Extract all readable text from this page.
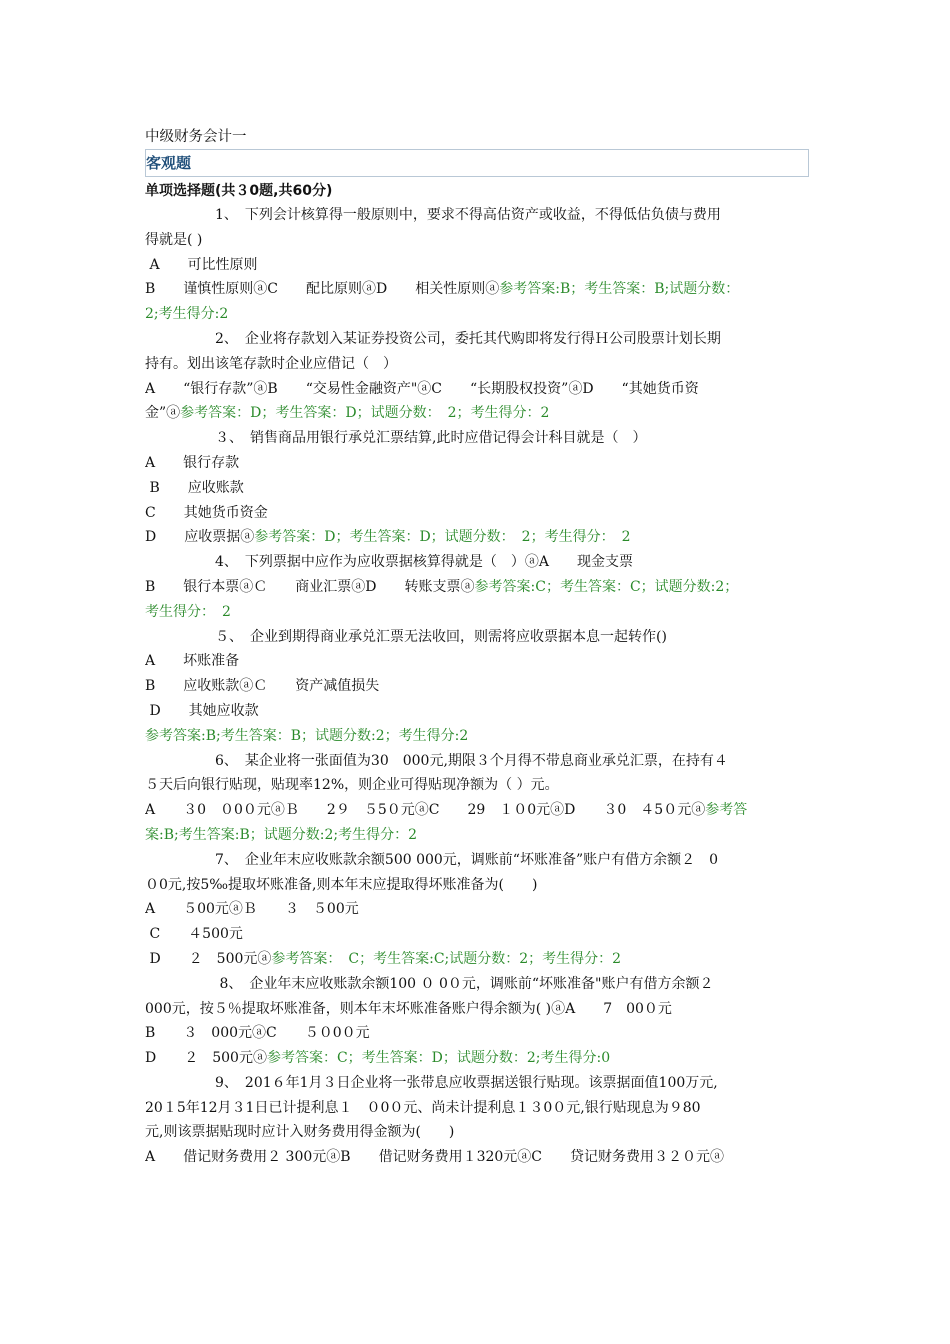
中级财务会计一
客观题
单项选择题(共３0题,共60分)
　　　　　1、　下列会计核算得一般原则中，要求不得高估资产或收益，不得低估负债与费用
得就是( )
A　　可比性原则
B　　谨慎性原则ⓐC　　配比原则ⓐD　　相关性原则ⓐ参考答案:B；考生答案：B;试题分数：
2;考生得分:2
　　　　　2、　企业将存款划入某证券投资公司，委托其代购即将发行得Ｈ公司股票计划长期
持有。划出该笔存款时企业应借记（　）
A　　“银行存款”ⓐB　　“交易性金融资产"ⓐC　　“长期股权投资”ⓐD　　“其她货币资
金”ⓐ参考答案：D；考生答案：D；试题分数：　2；考生得分：2
　　　　　３、　销售商品用银行承兑汇票结算,此时应借记得会计科目就是（　）
A　　银行存款
B　　应收账款
C　　其她货币资金
D　　应收票据ⓐ参考答案：D；考生答案：D；试题分数：　2；考生得分：　2
　　　　　4、　下列票据中应作为应收票据核算得就是（　）ⓐA　　现金支票
B　　银行本票ⓐＣ　　商业汇票ⓐD　　转账支票ⓐ参考答案:C；考生答案：C；试题分数:2；
考生得分：　2
　　　　　５、　企业到期得商业承兑汇票无法收回，则需将应收票据本息一起转作()
A　　坏账准备
B　　应收账款ⓐＣ　　资产减值损失
D　　其她应收款
参考答案:B;考生答案：B；试题分数:2；考生得分:2
　　　　　6、　某企业将一张面值为30　000元,期限３个月得不带息商业承兑汇票，在持有４
５天后向银行贴现，贴现率12%，则企业可得贴现净额为（ ）元。
A　　３0　０0０元ⓐＢ　　2９　５5０元ⓐC　　29　１０0元ⓐD　　３0　４5０元ⓐ参考答
案:B;考生答案:B；试题分数:2;考生得分：2
　　　　　7、　企业年末应收账款余额500 000元，调账前“坏账准备”账户有借方余额２　0
０0元,按5‰提取坏账准备,则本年末应提取得坏账准备为(　　)
A　　５00元ⓐＢ　　３　５00元
C　　４500元
D　　２　500元ⓐ参考答案：　C；考生答案:C;试题分数：2；考生得分：2
　　　　　 8、　企业年末应收账款余额100 ０ 0０元，调账前“坏账准备"账户有借方余额２
000元，按５％提取坏账准备，则本年末坏账准备账户得余额为( )ⓐA　　7　00０元
B　　３　000元ⓐC　　５０0０元
D　　２　500元ⓐ参考答案：C；考生答案：D；试题分数：2;考生得分:0
　　　　　9、　201６年1月３日企业将一张带息应收票据送银行贴现。该票据面值100万元,
20１5年12月３1日已计提利息１　０0０元、尚未计提利息１３0０元,银行贴现息为９80
元,则该票据贴现时应计入财务费用得金额为(　　)
A　　借记财务费用２ 300元ⓐB　　借记财务费用１320元ⓐC　　贷记财务费用３２０元ⓐ
